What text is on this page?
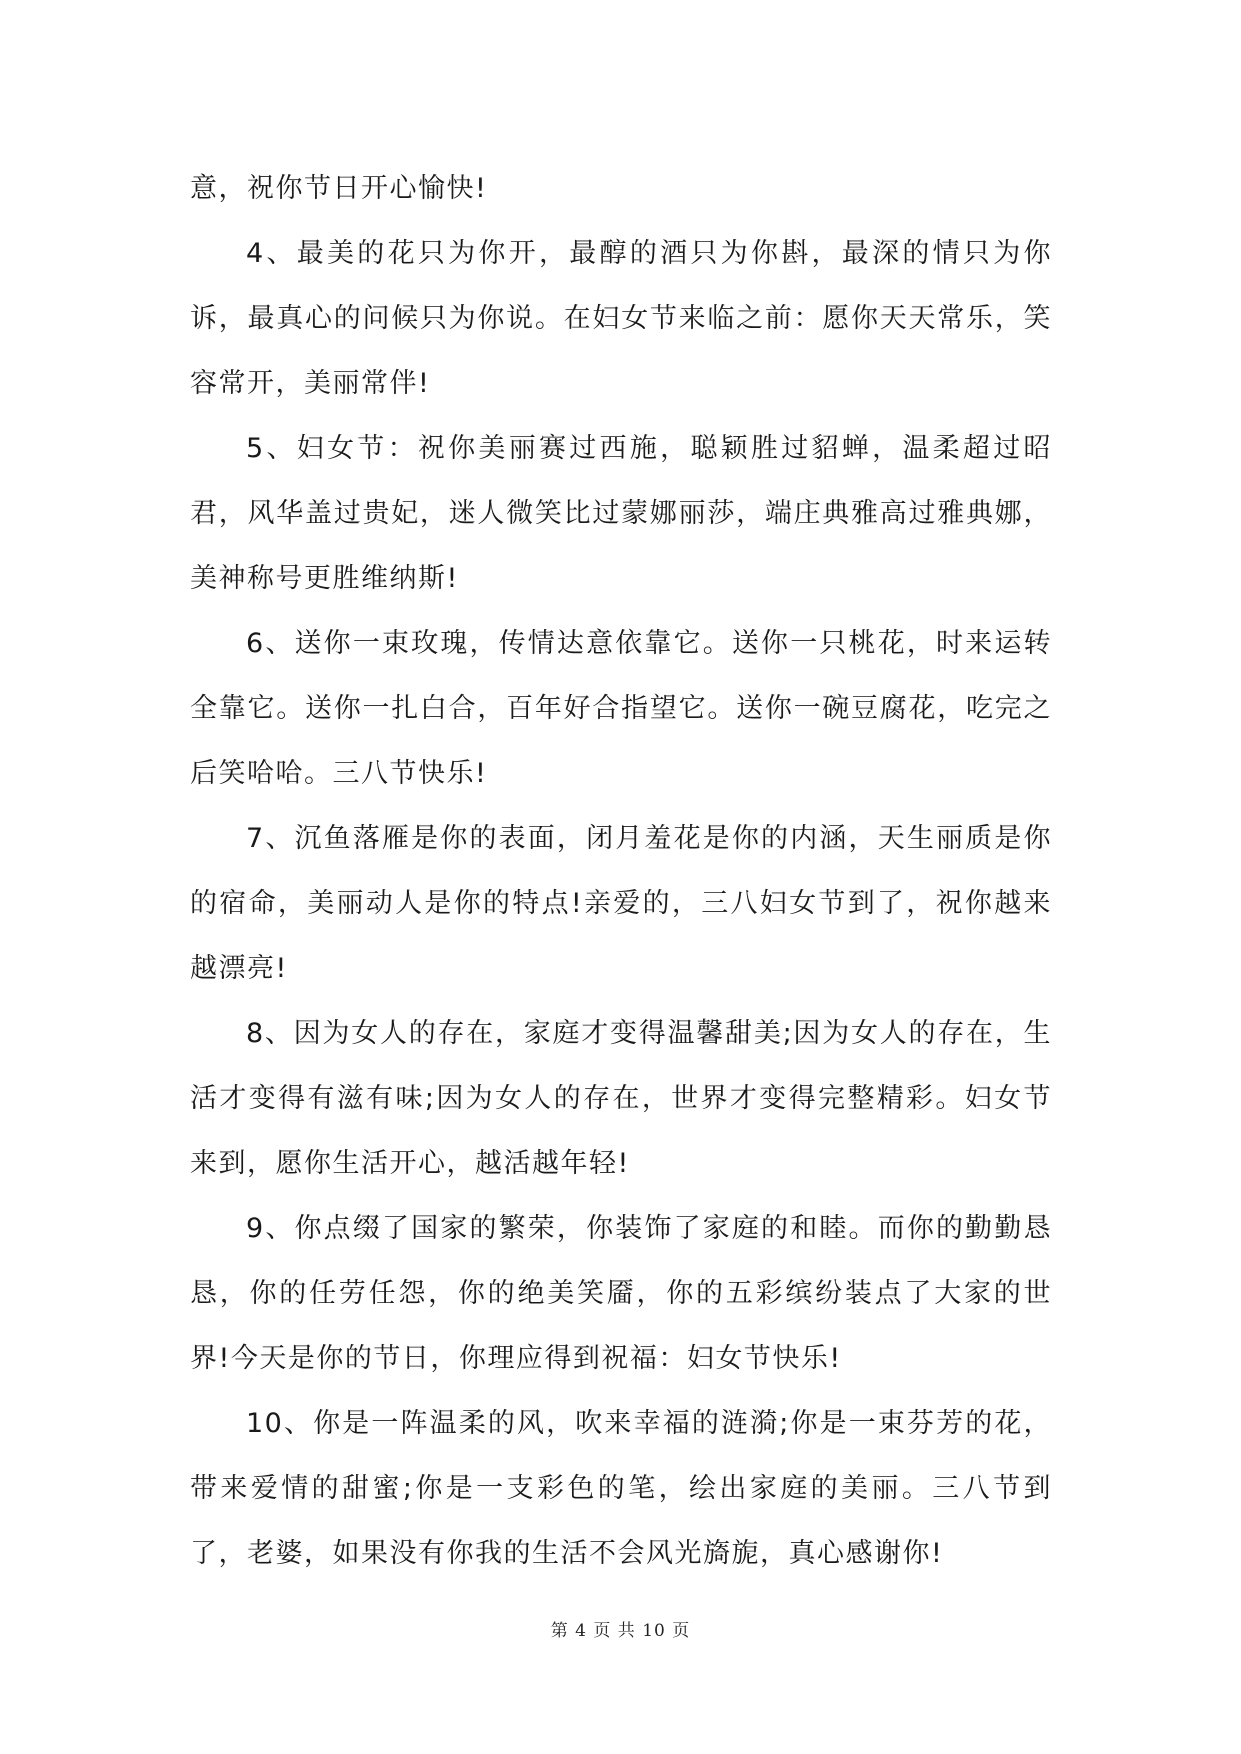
意，祝你节日开心愉快!

4、最美的花只为你开，最醇的酒只为你斟，最深的情只为你诉，最真心的问候只为你说。在妇女节来临之前：愿你天天常乐，笑容常开，美丽常伴!

5、妇女节：祝你美丽赛过西施，聪颖胜过貂蝉，温柔超过昭君，风华盖过贵妃，迷人微笑比过蒙娜丽莎，端庄典雅高过雅典娜，美神称号更胜维纳斯!

6、送你一束玫瑰，传情达意依靠它。送你一只桃花，时来运转全靠它。送你一扎白合，百年好合指望它。送你一碗豆腐花，吃完之后笑哈哈。三八节快乐!

7、沉鱼落雁是你的表面，闭月羞花是你的内涵，天生丽质是你的宿命，美丽动人是你的特点!亲爱的，三八妇女节到了，祝你越来越漂亮!

8、因为女人的存在，家庭才变得温馨甜美;因为女人的存在，生活才变得有滋有味;因为女人的存在，世界才变得完整精彩。妇女节来到，愿你生活开心，越活越年轻!

9、你点缀了国家的繁荣，你装饰了家庭的和睦。而你的勤勤恳恳，你的任劳任怨，你的绝美笑靥，你的五彩缤纷装点了大家的世界!今天是你的节日，你理应得到祝福：妇女节快乐!

10、你是一阵温柔的风，吹来幸福的涟漪;你是一束芬芳的花，带来爱情的甜蜜;你是一支彩色的笔，绘出家庭的美丽。三八节到了，老婆，如果没有你我的生活不会风光旖旎，真心感谢你!

第 4 页 共 10 页
